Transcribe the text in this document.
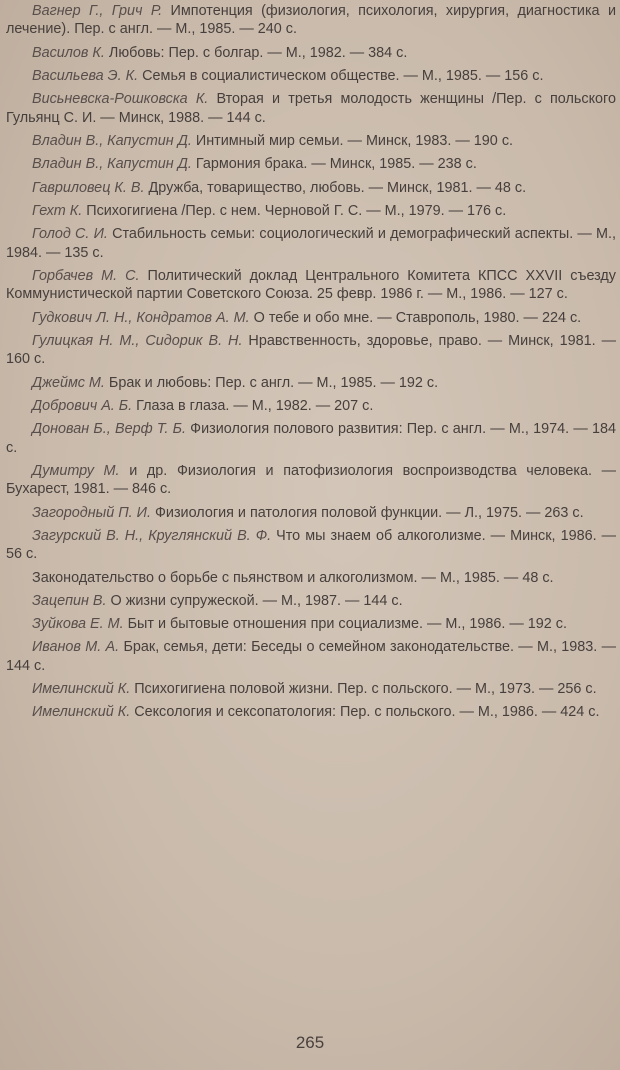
Вагнер Г., Грич Р. Импотенция (физиология, психология, хирургия, диагностика и лечение). Пер. с англ. — М., 1985. — 240 с.

Василов К. Любовь: Пер. с болгар. — М., 1982. — 384 с.

Васильева Э. К. Семья в социалистическом обществе. — М., 1985. — 156 с.

Висьневска-Рошковска К. Вторая и третья молодость женщины /Пер. с польского Гульянц С. И. — Минск, 1988. — 144 с.

Владин В., Капустин Д. Интимный мир семьи. — Минск, 1983. — 190 с.

Владин В., Капустин Д. Гармония брака. — Минск, 1985. — 238 с.

Гавриловец К. В. Дружба, товарищество, любовь. — Минск, 1981. — 48 с.

Гехт К. Психогигиена /Пер. с нем. Черновой Г. С. — М., 1979. — 176 с.

Голод С. И. Стабильность семьи: социологический и демографический аспекты. — М., 1984. — 135 с.

Горбачев М. С. Политический доклад Центрального Комитета КПСС XXVII съезду Коммунистической партии Советского Союза. 25 февр. 1986 г. — М., 1986. — 127 с.

Гудкович Л. Н., Кондратов А. М. О тебе и обо мне. — Ставрополь, 1980. — 224 с.

Гулицкая Н. М., Сидорик В. Н. Нравственность, здоровье, право. — Минск, 1981. — 160 с.

Джеймс М. Брак и любовь: Пер. с англ. — М., 1985. — 192 с.

Добрович А. Б. Глаза в глаза. — М., 1982. — 207 с.

Донован Б., Верф Т. Б. Физиология полового развития: Пер. с англ. — М., 1974. — 184 с.

Думитру М. и др. Физиология и патофизиология воспроизводства человека. — Бухарест, 1981. — 846 с.

Загородный П. И. Физиология и патология половой функции. — Л., 1975. — 263 с.

Загурский В. Н., Круглянский В. Ф. Что мы знаем об алкоголизме. — Минск, 1986. — 56 с.

Законодательство о борьбе с пьянством и алкоголизмом. — М., 1985. — 48 с.

Зацепин В. О жизни супружеской. — М., 1987. — 144 с.

Зуйкова Е. М. Быт и бытовые отношения при социализме. — М., 1986. — 192 с.

Иванов М. А. Брак, семья, дети: Беседы о семейном законодательстве. — М., 1983. — 144 с.

Имелинский К. Психогигиена половой жизни. Пер. с польского. — М., 1973. — 256 с.

Имелинский К. Сексология и сексопатология: Пер. с польского. — М., 1986. — 424 с.

265
